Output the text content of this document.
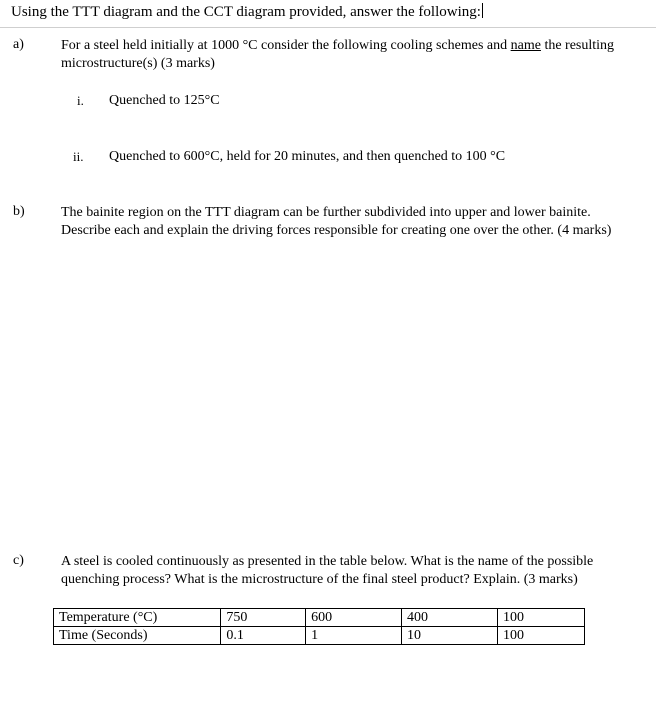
Using the TTT diagram and the CCT diagram provided, answer the following:
a)	For a steel held initially at 1000 °C consider the following cooling schemes and name the resulting microstructure(s) (3 marks)
i. Quenched to 125°C
ii. Quenched to 600°C, held for 20 minutes, and then quenched to 100 °C
b)	The bainite region on the TTT diagram can be further subdivided into upper and lower bainite. Describe each and explain the driving forces responsible for creating one over the other. (4 marks)
c)	A steel is cooled continuously as presented in the table below. What is the name of the possible quenching process? What is the microstructure of the final steel product? Explain. (3 marks)
Temperature (°C)	750	600	400	100
Time (Seconds)	0.1	1	10	100
